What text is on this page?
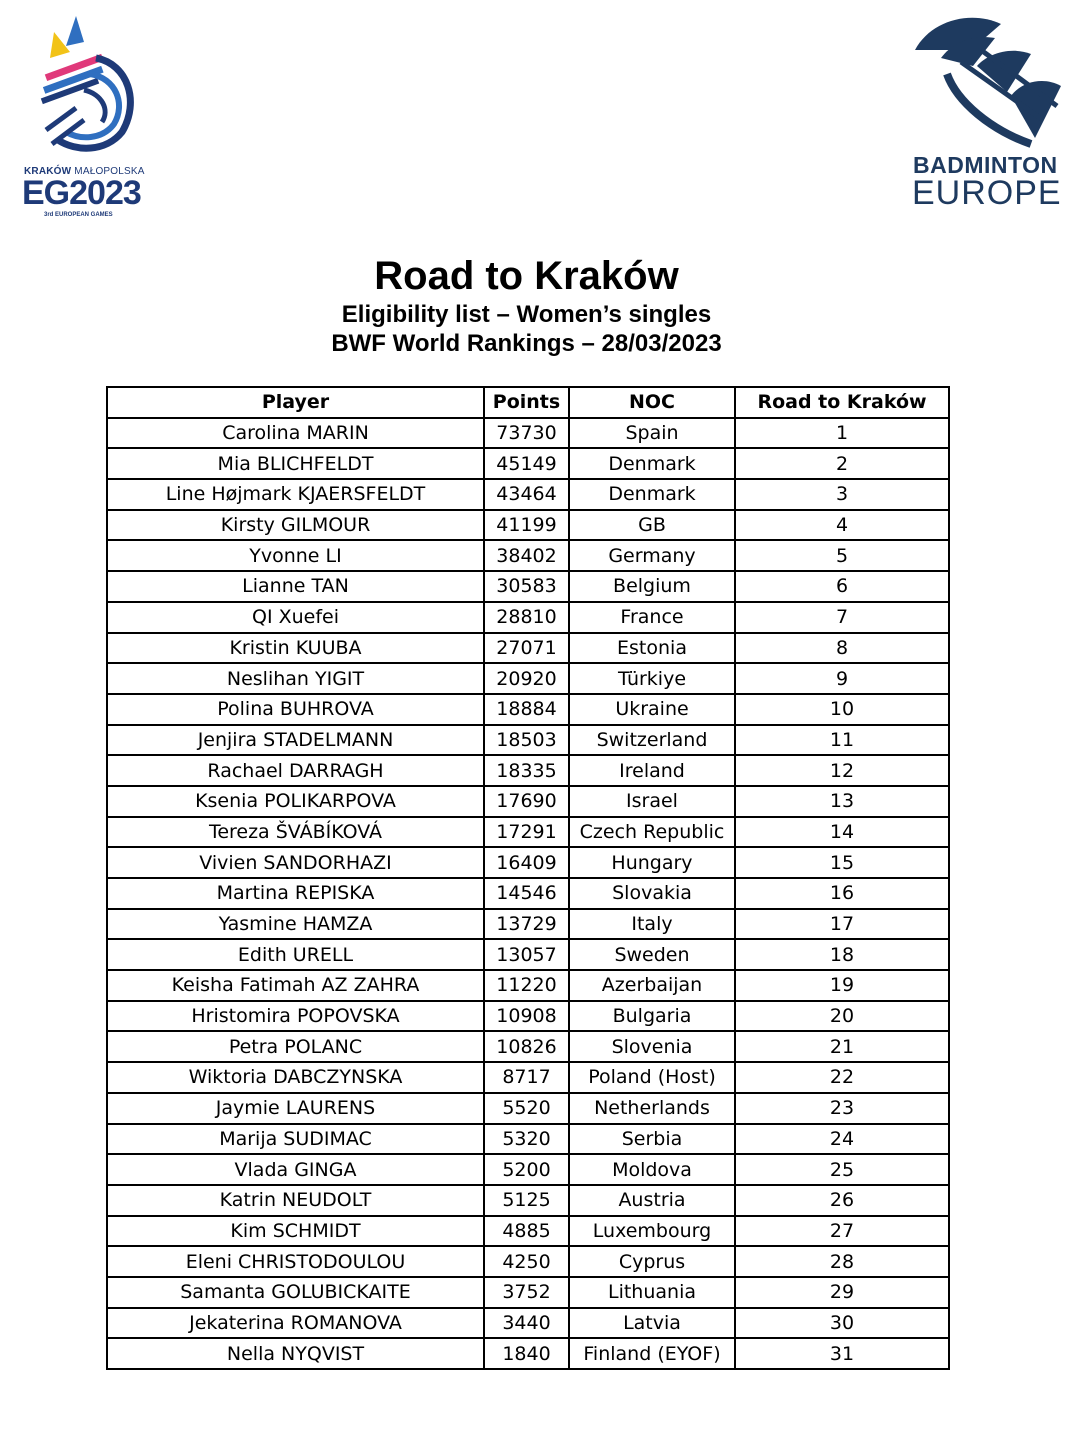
KRAKÓW MAŁOPOLSKA
EG2023
3rd EUROPEAN GAMES
BADMINTON
EUROPE
Road to Kraków
Eligibility list – Women’s singles
BWF World Rankings – 28/03/2023
Player	Points	NOC	Road to Kraków
Carolina MARIN	73730	Spain	1
Mia BLICHFELDT	45149	Denmark	2
Line Højmark KJAERSFELDT	43464	Denmark	3
Kirsty GILMOUR	41199	GB	4
Yvonne LI	38402	Germany	5
Lianne TAN	30583	Belgium	6
QI Xuefei	28810	France	7
Kristin KUUBA	27071	Estonia	8
Neslihan YIGIT	20920	Türkiye	9
Polina BUHROVA	18884	Ukraine	10
Jenjira STADELMANN	18503	Switzerland	11
Rachael DARRAGH	18335	Ireland	12
Ksenia POLIKARPOVA	17690	Israel	13
Tereza ŠVÁBÍKOVÁ	17291	Czech Republic	14
Vivien SANDORHAZI	16409	Hungary	15
Martina REPISKA	14546	Slovakia	16
Yasmine HAMZA	13729	Italy	17
Edith URELL	13057	Sweden	18
Keisha Fatimah AZ ZAHRA	11220	Azerbaijan	19
Hristomira POPOVSKA	10908	Bulgaria	20
Petra POLANC	10826	Slovenia	21
Wiktoria DABCZYNSKA	8717	Poland (Host)	22
Jaymie LAURENS	5520	Netherlands	23
Marija SUDIMAC	5320	Serbia	24
Vlada GINGA	5200	Moldova	25
Katrin NEUDOLT	5125	Austria	26
Kim SCHMIDT	4885	Luxembourg	27
Eleni CHRISTODOULOU	4250	Cyprus	28
Samanta GOLUBICKAITE	3752	Lithuania	29
Jekaterina ROMANOVA	3440	Latvia	30
Nella NYQVIST	1840	Finland (EYOF)	31
